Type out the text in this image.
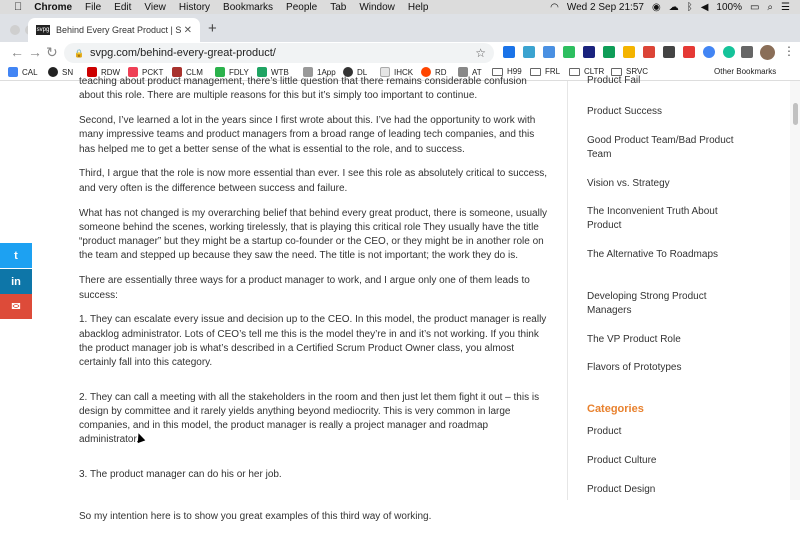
Chrome File Edit View History Bookmarks People Tab Window Help	◠ Wed 2 Sep 21:57 ◉ ☁ ᛒ ◀ 100% ▭ ⌕ ☰
svpg Behind Every Great Product | S ✕ +
← → ↻ 🔒 svpg.com/behind-every-great-product/	☆	⋮
CAL	SN	RDW	PCKT	CLM	FDLY	WTB	1App	DL	IHCK	RD	AT	H99	FRL	CLTR	SRVC	Other Bookmarks

teaching about product management, there’s little question that there remains considerable confusion about this role. There are multiple reasons for this but it’s simply too important to continue.

Second, I’ve learned a lot in the years since I first wrote about this. I’ve had the opportunity to work with many impressive teams and product managers from a broad range of leading tech companies, and this has helped me to get a better sense of the what is essential to the role, and to success.

Third, I argue that the role is now more essential than ever. I see this role as absolutely critical to success, and very often is the difference between success and failure.

What has not changed is my overarching belief that behind every great product, there is someone, usually someone behind the scenes, working tirelessly, that is playing this critical role They usually have the title “product manager” but they might be a startup co-founder or the CEO, or they might be in another role on the team and stepped up because they saw the need. The title is not important; the work they do is.

There are essentially three ways for a product manager to work, and I argue only one of them leads to success:

1. They can escalate every issue and decision up to the CEO. In this model, the product manager is really abacklog administrator. Lots of CEO’s tell me this is the model they’re in and it’s not working. If you think the product manager job is what’s described in a Certified Scrum Product Owner class, you almost certainly fall into this category.

2. They can call a meeting with all the stakeholders in the room and then just let them fight it out – this is design by committee and it rarely yields anything beyond mediocrity. This is very common in large companies, and in this model, the product manager is really a project manager and roadmap administrator.

3. The product manager can do his or her job.

So my intention here is to show you great examples of this third way of working.

Product Fail
Product Success
Good Product Team/Bad Product Team
Vision vs. Strategy
The Inconvenient Truth About Product
The Alternative To Roadmaps
Developing Strong Product Managers
The VP Product Role
Flavors of Prototypes
Categories
Product
Product Culture
Product Design
t
in
✉
